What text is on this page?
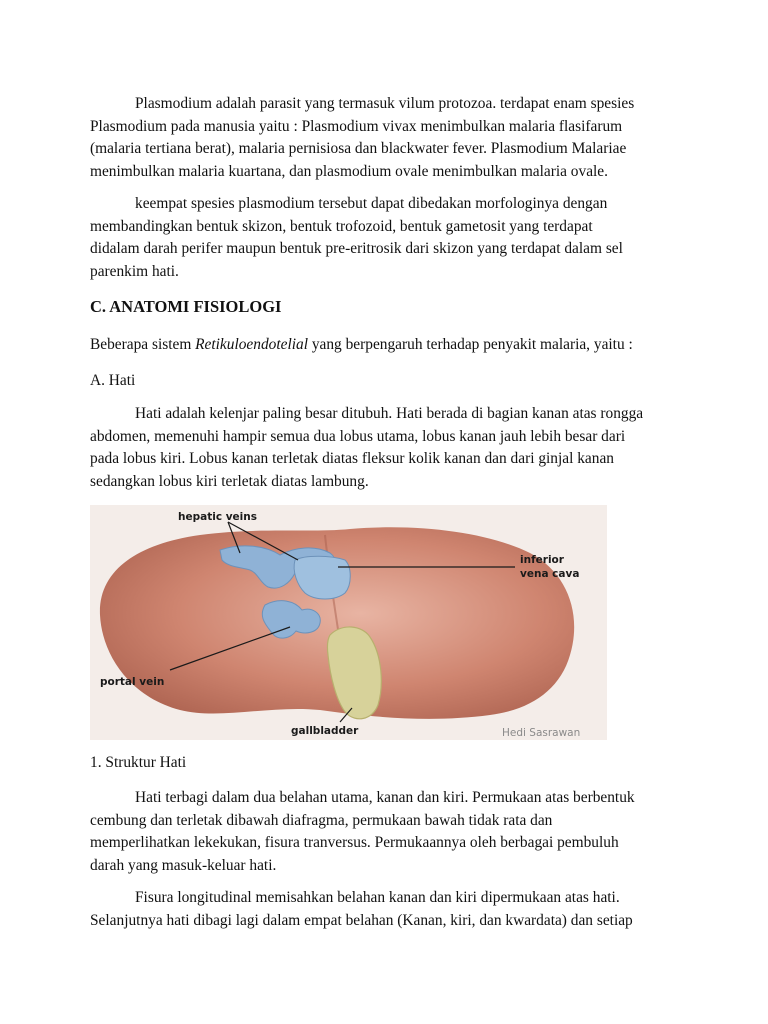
Plasmodium adalah parasit yang termasuk vilum protozoa. terdapat enam spesies
Plasmodium pada manusia yaitu : Plasmodium vivax menimbulkan malaria flasifarum
(malaria tertiana berat), malaria pernisiosa dan blackwater fever. Plasmodium Malariae
menimbulkan malaria kuartana, dan plasmodium ovale menimbulkan malaria ovale.

keempat spesies plasmodium tersebut dapat dibedakan morfologinya dengan
membandingkan bentuk skizon, bentuk trofozoid, bentuk gametosit yang terdapat
didalam darah perifer maupun bentuk pre-eritrosik dari skizon yang terdapat dalam sel
parenkim hati.

C. ANATOMI FISIOLOGI

Beberapa sistem Retikuloendotelial yang berpengaruh terhadap penyakit malaria, yaitu :

A. Hati

Hati adalah kelenjar paling besar ditubuh. Hati berada di bagian kanan atas rongga
abdomen, memenuhi hampir semua dua lobus utama, lobus kanan jauh lebih besar dari
pada lobus kiri. Lobus kanan terletak diatas fleksur kolik kanan dan dari ginjal kanan
sedangkan lobus kiri terletak diatas lambung.

hepatic veins
inferior
vena cava
portal vein
gallbladder	Hedi Sasrawan

1. Struktur Hati

Hati terbagi dalam dua belahan utama, kanan dan kiri. Permukaan atas berbentuk
cembung dan terletak dibawah diafragma, permukaan bawah tidak rata dan
memperlihatkan lekekukan, fisura tranversus. Permukaannya oleh berbagai pembuluh
darah yang masuk-keluar hati.

Fisura longitudinal memisahkan belahan kanan dan kiri dipermukaan atas hati.
Selanjutnya hati dibagi lagi dalam empat belahan (Kanan, kiri, dan kwardata) dan setiap
